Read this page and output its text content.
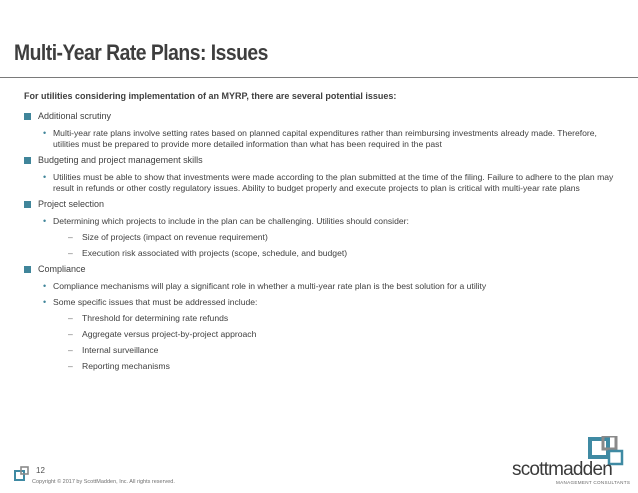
Multi-Year Rate Plans: Issues
For utilities considering implementation of an MYRP, there are several potential issues:
Additional scrutiny
• Multi-year rate plans involve setting rates based on planned capital expenditures rather than reimbursing investments already made. Therefore, utilities must be prepared to provide more detailed information than what has been required in the past
Budgeting and project management skills
• Utilities must be able to show that investments were made according to the plan submitted at the time of the filing. Failure to adhere to the plan may result in refunds or other costly regulatory issues. Ability to budget properly and execute projects to plan is critical with multi-year rate plans
Project selection
• Determining which projects to include in the plan can be challenging. Utilities should consider:
– Size of projects (impact on revenue requirement)
– Execution risk associated with projects (scope, schedule, and budget)
Compliance
• Compliance mechanisms will play a significant role in whether a multi-year rate plan is the best solution for a utility
• Some specific issues that must be addressed include:
– Threshold for determining rate refunds
– Aggregate versus project-by-project approach
– Internal surveillance
– Reporting mechanisms
12
Copyright © 2017 by ScottMadden, Inc. All rights reserved.
scottmadden
MANAGEMENT CONSULTANTS
